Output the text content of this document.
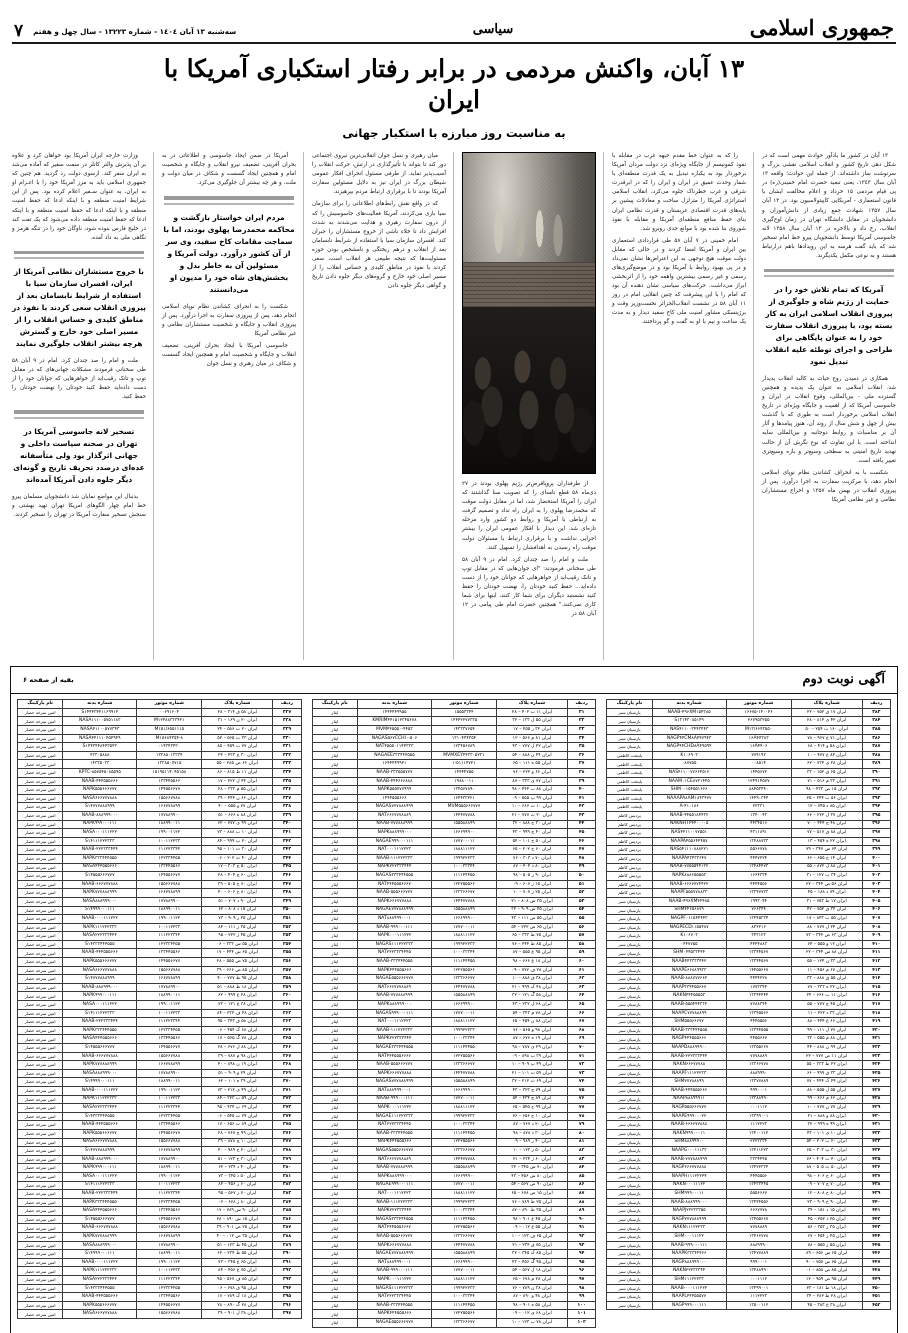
جمهوری اسلامی
سیاسی
سه‌شنبه ۱۳ آبان ۱٤۰٤ - شماره ۱۳۲۲۳ - سال چهل و هفتم
۷
۱۳ آبان، واکنش مردمی در برابر رفتار استکباری آمریکا با ایران
به مناسبت روز مبارزه با استکبار جهانی

۱۳ آبان در کشور ما یادآور حوادث مهمی است که در شکل دهی تاریخ کشور و انقلاب اسلامی نقشی بزرگ و سرنوشت ساز داشته‌اند. از جمله این حوادث؛ واقعه ۱۳ آبان سال ۱۳٤۳، یعنی تبعید حضرت امام خمینی(ره) در پی قیام مردمی ۱۵ خرداد و اعلام مخالفت ایشان با قانون استعماری - آمریکایی کاپیتولاسیون بود. در ۱۳ آبان سال ۱۳۵۷ شهادت جمع زیادی از دانش‌آموزان و دانشجویان در مقابل دانشگاه تهران در زمان اوج‌گیری انقلاب، رخ داد و بالاخره در ۱۳ آبان سال ۱۳۵۸ لانه جاسوسی آمریکا توسط دانشجویان پیرو خط امام تسخیر شد که باید گفت هرسه به این رویدادها باهم درارتباط هستند و به نوعی مکمل یکدیگرند.

آمریکا که تمام تلاش خود را در حمایت از رژیم شاه و جلوگیری از پیروزی انقلاب اسلامی ایران به کار بسته بود، با پیروزی انقلاب سفارت خود را به عنوان پایگاهی برای طراحی و اجرای توطئه علیه انقلاب تبدیل نمود

همکاری در دمیدن روح حیات به کالبد انقلاب پدیدار شد. انقلاب اسلامی به عنوان یک پدیده و همچنین گسترده ملی - بین‌المللی، وقوع انقلاب در ایران و جاسوسی آمریکا که از اهمیت و جایگاه ویژه‌ای در تاریخ انقلاب اسلامی برخوردار است به طوری که با گذشت بیش از چهل و شش سال از روند آن، هنوز پیامدها و آثار آن بر مناسبات و روابط دوجانبه و بین‌المللی سایه انداخته است. با این تفاوت که نوع نگرش آن از حالت تهدید تاریخ امنیتی به سطحی وسیع‌تر و بازه وسیع‌تری تغییر یافته است.

شکست با به انحراف کشاندن نظام نوپای اسلامی انجام دهد، با مرکزیت سفارت به اجرا درآورد. پس از پیروزی انقلاب در بهمن ماه ۱۳۵۷ و اخراج مستشاران نظامی و غیر نظامی آمریکا

را که به عنوان خط مقدم جبهه غرب در مقابله با نفوذ کمونیسم از جایگاه ویژه‌ای نزد دولت مردان آمریکا برخوردار بود به یکباره تبدیل به یک قدرت منطقه‌ای با شمار وحدت عمیق در ایران و ایران را که در ابرقدرت شرقی و غرب خطرناک جلوه می‌کرد، انقلاب اسلامی استراتژی آمریکا را متزلزل ساخت و معادلات پیشین بر پایه‌های قدرت اقتصادی عربستان و قدرت نظامی ایران بنای حفظ منافع منطقه‌ای آمریکا و مقابله با نفوذ شوروی بنا شده بود با موانع جدی روبرو شد.

امام خمینی در ۷ آبان ۵۸ طی قراردادی استعماری بین ایران و آمریکا امضا کردند و در حالی که مقابل دولت موقت هیچ توجهی به این اعتراض‌ها نشان نمی‌داد و در پی بهبود روابط با آمریکا بود و در موضع‌گیری‌های رسمی و غیر رسمی بیشترین واهمه خود را از اثربخشی ابراز می‌داشت. حرکت‌های سیاسی نشان دهنده آن بود که امام را با این پیشرفت که چنین انقلابی امام در روز ۱۱ آبان ۵۸ در نشست انقلاب‌الجزائر نخست‌وزیر وقت و برژینسکی مشاور امنیت ملی کاخ سفید دیدار و به مدت یک ساعت و نیم با او به گفت و گو پرداختند.

از طرفداران پروپاقرص‌تر رژیم پهلوی بودند در ۲۷ دی‌ماه ۵۸ قطع نامه‌ای را که تصویب سنا گذاشتند که ایران را آمریکا استحضار شد، اما در مقابل دولت موقت که محمدرضا پهلوی را به ایران راه نداد و تصمیم گرفت به ارتباطی با آمریکا و روابط دو کشور وارد مرحله تازه‌ای شد. این دیدار با افکار عمومی ایران را بیشتر اجرایی نداشت و با برقراری ارتباط با مسئولان دولت موقت راه رسیدن به اهدافشان را تسهیل کنند.

ملت و امام را صد چندان کرد. امام در ۹ آبان ۵۸ طی سخنانی فرمودند: "ای جوان‌هایی که در مقابل توپ و تانک رقیب‌اید از خواهرهایی که جوانان خود را از دست داده‌اید... حفظ کنید خودتان را، نهضت خودتان را حفظ کنید نشستید دیگران برای شما کار کنند، اینها برای شما کاری نمی‌کنند." همچنین حضرت امام طی پیامی در ۱۲ آبان ۵۸ در

میان رهبری و نسل جوان انقلابی‌ترین نیروی اجتماعی دور کند تا بتواند با تأثیرگذاری در ارتش، حرکت انقلاب را آسیب‌پذیر نماید. از طرفی مسئول انحراف افکار عمومی شیطان بزرگ در ایران نیز به دلایل مسئولین سفارت آمریکا بودند تا با برقراری ارتباط مردم بپرهیزند.

که در واقع نقش رابط‌های اطلاعاتی را برای سازمان سیا بازی می‌کردند، آمریکا فعالیت‌های جاسوسیش را که از درون سفارت رهبری و هدایت می‌شدند به شدت افزایش داد تا خلاء ناشی از خروج مستشاران را جبران کند. افسران سازمان سیا با استفاده از شرایط نابسامان بعد از انقلاب و درهم ریختگی و نامشخص بودن حوزه مسئولیت‌ها که نتیجه طبیعی هر انقلاب است، سعی کردند با نفوذ در مناطق کلیدی و حساس انقلاب را از مسیر اصلی خود خارج و گروه‌های دیگر جلوه دادن تاریخ و گواهی دیگر جلوه دادن

آمریکا در ضمن ایجاد جاسوسی و اطلاعاتی در به بحران آفرینی، تضعیف نیرو انقلاب و جایگاه و شخصیت امام و همچنین ایجاد گسست و شکاف در میان دولت و ملت، و هر چه بیشتر آن جلوگیری می‌کرد.

مردم ایران خواستار بازگشت و محاکمه محمدرضا پهلوی بودند، اما با سماجت مقامات کاخ سفید، وی سر از آن کشور درآورد. دولت آمریکا و مسئولین آن به خاطر بدل و بخشش‌های شاه خود را مدیون او می‌دانستند

شکست را به انحراف کشاندن نظام نوپای اسلامی انجام دهد، پس از پیروزی سفارت به اجرا درآورد. پس از پیروزی انقلاب و جایگاه و شخصیت مستشاران نظامی و غیر نظامی آمریکا

جاسوسی آمریکا با ایجاد بحران آفرینی، تضعیف انقلاب و جایگاه و شخصیت امام و همچنین ایجاد گسست و شکاف در میان رهبری و نسل جوان

وزارت خارجه ایران آمریکا بود خواهان کرد و علاوه بر آن پذیرش والتر کاتلر در سمت سفیر که آماده می‌شد به ایران سفر کند. ازسوی دولت رد گردید. هم چنین که جمهوری اسلامی باید به مرز آمریکا خود را با اعـزام او به ایران، به عنوان سـفیر اعلام کرده بود. پس از این شرایط امنیت منطقه و با اینکه ادعا که حفظ امنیت منطقه و با اینکه ادعا که حفظ امنیت منطقه و با اینکه ادعا که حفظ امنیت منطقه داده می‌شود که یک تفت کند در خلیج فارس بنوده شود، ناوگان خود را در تنگه هرمز و نگاهی ملی به داد آمده.

با خروج مستشاران نظامی آمریکا از ایران، افسران سازمان سیا با استفاده از شرایط نابسامان بعد از پیروزی انقلاب سعی کردند با نفوذ در مناطق کلیدی و حساس انقلاب را از مسیر اصلی خود خارج و گسترش هرچه بیشتر انقلاب جلوگیری نمایند

ملت و امام را صد چندان کرد. امام در ۹ آبان ۵۸ طی سخنانی فرمودند مشکلات جهانی‌های که در مقابل توپ و تانک رقیب‌اید از خواهرهایی که جوانان خود را از دست داده‌اید حفظ کنید خودتان را نهضت خودتان را حفظ کنید.

تسخیر لانه جاسوسی آمریکا در تهران در صحنه سیاست داخلی و جهانی اثرگذار بود ولی متأسفانه عده‌ای درصدد تحریف تاریخ و گونه‌ای دیگر جلوه دادن آمریکا آمده‌اند

بدنبال این مواضع نمایان شد دانشجویان مسلمان پیرو خط امام چهار الگوهای امریکا تهران تهید بهشتی و سنجش تسخیر سفارت آمریکا در تهران را تسخیر کردند.

آگهی نوبت دوم
بقیه از صفحه ۶
ردیف	شماره پلاک	شماره موتور	شماره بدنه	نام پارکینگ
۳۸۳	ایران ۱۷ ق ۷۵۲ – ۲۲	۱۶۶۷۵-۱۴۰۰۴۶	NAAB-۴۹۶XM۱۵۴۳۸۵	پارسیان سبز
۳۸۴	ایران ۴۲ ی ۸۱۴ – ۲۸	۲۶۷۹۵۳۲۵۵	S۱۳۱۴۳۰۸۵۱۴۹	پارسیان سبز
۳۸۵	ایران ۱۶۰ ب ۲۵۴ – ۵۰	M۱۳/۶۶۴۳۵۵۰	NAS۴۱۱۰۰۳۴۴۳۴۴۳	پارسیان سبز
۳۸۶	ایران ۷۱ ع ۹۶۷ – ۷۸	۱۶A۴۴۳۸۳	NAGP۴۴CM۸A۴۴۷۹۴۳	پارسیان سبز
۳۸۷	ایران ۵۸ و ۴۱۴ – ۶۸	۱۶A۴۴۰۶	NAGP۴۴CHD۸A۴۹۵۹۴	پارسیان سبز
۳۸۸	ایران ۸۲ ع ۴۷۷ – ۱۰	۲۷۴۱۹۳	K۱۰۶۹۰۳	پایتخت کاظمی
۳۸۹	ایران ۲۸ ی ۷۳۴ – ۶۲	۰۰۸۵۱۴	۰۸۷۷۵۵	پایتخت کاظمی
۳۹۰	ایران ۶۵ ق ۱۵۲ – ۳۳	۱۴۴۵۶۷۲	NAS۴۱۱۰۰۷۷۶۶۴۵۱۲	پایتخت کاظمی
۳۹۱	ایران ۳۳ م ۵۱۶ – ۷۱	۱۲۴۹۱۴۵۷۷	NAAM۰۱CE۸۷۲۱۴۴۵	پایتخت کاظمی
۳۹۲	ایران ۱۵ ص ۴۳۳ – ۹۸	۸۸۴۵۳۴۴۰	SHM۰۰۱۵۴۵۵۱۶۶۶	پایتخت کاظمی
۳۹۳	ایران ۵۶ ب ۲۴۴ – ۲۵	۱۴۴۹۰۳۴۴	NAAAPA۸AM۱۸۴۳۴۷۷	پایتخت کاظمی
۳۹۴	ایران ۸۵ د ۷۴۵ – ۱۲	۲۲۳۳۱	A-۴۱۰۱۸۶	پایتخت کاظمی
۳۹۵	ایران ۳۷ ل ۲۲۲ – ۶۶	۱۳۴۰۰۴۳	NAAB-۴۴۵۵۱۸۴۴۳۲	پردیس کاظم
۳۹۶	ایران ۴۸ ج ۴۴۴ – ۷۰	۴۴۳۴۵۱۶	NAKNHTP۴۴۰۰۰۰۵	پردیس کاظم
۳۹۷	ایران ۸۸ ق ۵۱۷ – ۷۷	۴۳۱۱۸۹۱	NAS۴۴۱۱۰۰۷۷۵۵۱	پردیس کاظم
۳۹۸	ایران ۲۲ ه ۴۵۴ – ۱۳	۱۳۴۸۸۷۳۳	NAAPA۴۵۵۶۴۴۴۵۷	پردیس کاظم
۳۹۹	ایران ۶۴ س ۳۴۷ – ۷۹	۵۵۶۶۷۷۸	NAS۵۴۱۱۱۰۸۸۸۲۲۱	پردیس کاظم
۴۰۰	ایران ۱۴ ج ۶۵۵ – ۶۶	۴۴۴۷۲۲۴	NAAPA۴۳۴۳۳۶۴۷	پردیس کاظم
۴۰۱	ایران ۸۸ ل ۸۷۲ – ۵۵	۱۳۴۸۴۴۷۳	NAAB-۷۷۵۵۵۴۴۱۳۲	پردیس کاظم
۴۰۲	ایران ۳۴ ب ۱۲۷ – ۳۱	۱۶۶۴۳۳۴	NAPK۸۸۸۶۵۵۵۵۳	پردیس کاظم
۴۰۳	ایران ۵۶ ص ۳۴۴ – ۲۲	۴۴۴۴۵۵۶	NAAB-۶۶۶۷۷۷۴۴۲۲	پردیس کاظم
۴۰۴	ایران ۷۴ د ۱۸۸ – ۴۵	۱۳۳۴۷۷۳۳	NAAPF۵۵۵۷۷۸۸۳۳	پردیس کاظم
۴۰۵	ایران ۱۷ ط ۷۵۳ – ۳۱	۱۹۹۳۰۴۴	NAAB-۴۹۶XM۴۴۴۸۵	پارسیان سبز
۴۰۶	ایران ۳۴ ق ۷۵۲ – ۴۲	۷۶۶۳۴۴	SHM۴۴۶۵۶۸۷۹	پارسیان سبز
۴۰۷	ایران ۵۵ ب ۸۴۳ – ۱۷	۱۳۴۴۵۳۳۴	NAGPF۰۱۱۵۴۴۴۴۳	پارسیان سبز
۴۰۸	ایران ۲۴ ل ۷۷۷ – ۸۸	۸۳۲۲۱۶	NAGPECD۱۱۵۵۴۸۷	پارسیان سبز
۴۰۹	ایران ۶۳ ص ۳۴۲ – ۷۳	۳۴۳۱۲۳	K۱۰۶۷۰۳	پارسیان سبز
۴۱۰	ایران ۱۲ و ۵۵۵ – ۶۴	۴۴۴۴۸۸۳	۰۴۴۷۷۵۵	پارسیان سبز
۴۱۱	ایران ۸۸ س ۳۴۴ – ۲۲	۱۳۳۴۴۵۶۷	SHM۰۴۴۵۳۳۴۴۴	پارسیان سبز
۴۱۲	ایران ۳۳ ن ۱۲۴ – ۵۵	۱۳۳۴۴۵۶۷	NAAB۴۴۳۳۳۳۴۴۲	پارسیان سبز
۴۱۳	ایران ۶۷ م ۴۵۶ – ۱۱	۱۴۴۵۵۶۶۷	NAAPE۶۶۸۸۹۹۳۳	پارسیان سبز
۴۱۴	ایران ۵۵ ق ۸۸۸ – ۳۳	۴۴۴۴۲۲۸	NAAB-۸۸۸۷۷۷۶۶۲	پارسیان سبز
۴۱۵	ایران ۲۲ ه ۳۳۳ – ۷۷	۱۷۷۳۳۴۴	NAAP۳۳۴۴۵۵۶۶۷	پارسیان سبز
۴۱۶	ایران ۱۱ ب ۶۶۶ – ۲۴	۱۳۳۴۴۴۴۴	NAKN۴۴۴۵۵۵۵۳	پارسیان سبز
۴۱۷	ایران ۴۵ ج ۷۷۷ – ۵۵	۷۷۸۸۳۴۴	NAAB-۵۵۵۴۴۴۳۳۲	پارسیان سبز
۴۱۸	ایران ۳۳ د ۲۲۲ – ۱۱	۱۳۳۴۵۵۶۶	NAAPC۷۷۷۸۸۸۹۹	پارسیان سبز
۴۱۹	ایران ۶۶ ع ۴۴۴ – ۸۸	۴۴۴۵۵۵۶	SHM۵۵۵۶۶۶۷۷	پارسیان سبز
۴۲۰	ایران ۷۷ ل ۱۱۱ – ۹۹	۱۳۳۴۴۵۵۵	NAAB-۳۳۳۴۴۴۵۵۵	پارسیان سبز
۴۲۱	ایران ۸۸ م ۵۵۵ – ۳۳	۴۴۵۵۶۶۷	NAGP۴۴۴۵۵۵۶۶۶	پارسیان سبز
۴۲۲	ایران ۹۹ ن ۸۸۸ – ۴۴	۱۳۳۵۵۶۶۷	NAAPD۸۸۸۹۹۹۰۰	پارسیان سبز
۴۲۳	ایران ۱۱ ص ۷۷۷ – ۲۲	۷۷۷۸۸۸۹	NAAB-۲۲۲۳۳۳۴۴۴	پارسیان سبز
۴۲۴	ایران ۲۲ ط ۳۳۳ – ۵۵	۱۳۳۶۶۷۷۸	NAKN۶۶۶۷۷۷۸۸	پارسیان سبز
۴۲۵	ایران ۳۳ ق ۹۹۹ – ۶۶	۸۸۸۹۹۹۰	NAAPF۱۱۱۲۲۲۳۳	پارسیان سبز
۴۲۶	ایران ۴۴ ک ۴۴۴ – ۷۷	۱۳۳۷۷۸۸۹	SHM۷۷۷۸۸۸۹۹	پارسیان سبز
۴۲۷	ایران ۵۵ ل ۵۵۵ – ۸۸	۹۹۹۰۰۰۱	NAAB-۴۴۴۵۵۵۶۶۶	پارسیان سبز
۴۲۸	ایران ۶۶ م ۶۶۶ – ۹۹	۱۳۳۸۸۹۹۰	NAAP۸۸۸۹۹۹۱۱	پارسیان سبز
۴۲۹	ایران ۷۷ ن ۷۷۷ – ۱۰	۰۰۰۱۱۱۲	NAGP۵۵۵۶۶۶۷۷۷	پارسیان سبز
۴۳۰	ایران ۸۸ و ۸۸۸ – ۲۱	۱۳۳۹۹۰۰۱	NAAPE۹۹۹۰۰۰۲۲	پارسیان سبز
۴۳۱	ایران ۹۹ ه ۹۹۹ – ۳۲	۱۱۱۲۲۲۳	NAAB-۶۶۶۷۷۷۸۸۸	پارسیان سبز
۴۳۲	ایران ۱۰ ی ۱۰۱ – ۴۳	۱۳۴۰۰۱۱۲	NAKN۹۹۹۰۰۰۱۱	پارسیان سبز
۴۳۳	ایران ۲۰ ب ۲۰۲ – ۵۴	۲۲۲۳۳۳۴	SHM۸۸۸۹۹۹۰۰	پارسیان سبز
۴۳۴	ایران ۳۰ پ ۳۰۳ – ۶۵	۱۳۴۱۱۲۲۳	NAAPG۰۰۰۱۱۱۳۳	پارسیان سبز
۴۳۵	ایران ۴۰ ت ۴۰۴ – ۷۶	۳۳۳۴۴۴۵	NAAB-۷۷۷۸۸۸۹۹۹	پارسیان سبز
۴۳۶	ایران ۵۰ ث ۵۰۵ – ۸۷	۱۳۴۲۲۳۳۴	NAGP۶۶۶۷۷۷۸۸۸	پارسیان سبز
۴۳۷	ایران ۶۰ ج ۶۰۶ – ۹۸	۴۴۴۵۵۵۶	NAAPH۱۱۱۲۲۲۴۴	پارسیان سبز
۴۳۸	ایران ۷۰ چ ۷۰۷ – ۰۹	۱۳۴۳۳۴۴۵	NAKN۰۰۰۱۱۱۲۲	پارسیان سبز
۴۳۹	ایران ۸۰ ح ۸۰۸ – ۱۲	۵۵۵۶۶۶۷	SHM۹۹۹۰۰۰۱۱	پارسیان سبز
۴۴۰	ایران ۹۰ خ ۹۰۹ – ۲۳	۱۳۴۴۴۵۵۶	NAAB-۸۸۸۹۹۹۰۰۰	پارسیان سبز
۴۴۱	ایران ۱۵ د ۱۵۱ – ۳۴	۶۶۶۷۷۷۸	NAAPJ۲۲۲۳۳۳۵۵	پارسیان سبز
۴۴۲	ایران ۲۵ ذ ۲۵۲ – ۴۵	۱۳۴۵۵۶۶۷	NAGP۷۷۷۸۸۸۹۹۹	پارسیان سبز
۴۴۳	ایران ۳۵ ر ۳۵۳ – ۵۶	۷۷۷۸۸۸۹	NAKN۱۱۱۲۲۲۳۳	پارسیان سبز
۴۴۴	ایران ۴۵ ز ۴۵۴ – ۶۷	۱۳۴۶۶۷۷۸	SHM۰۰۰۱۱۱۲۲	پارسیان سبز
۴۴۵	ایران ۵۵ ژ ۵۵۵ – ۷۸	۸۸۸۹۹۹۰	NAAB-۹۹۹۰۰۰۱۱۱	پارسیان سبز
۴۴۶	ایران ۶۵ س ۶۵۶ – ۸۹	۱۳۴۷۷۸۸۹	NAAPK۳۳۳۴۴۴۶۶	پارسیان سبز
۴۴۷	ایران ۷۵ ش ۷۵۷ – ۹۰	۹۹۹۰۰۰۱	NAGP۸۸۸۹۹۹۰۰۰	پارسیان سبز
۴۴۸	ایران ۸۵ ص ۸۵۸ – ۰۱	۱۳۴۸۸۹۹۰	NAKN۲۲۲۳۳۳۴۴	پارسیان سبز
۴۴۹	ایران ۹۵ ض ۹۵۹ – ۱۲	۰۰۰۱۱۱۲	SHM۱۱۱۲۲۲۳۳	پارسیان سبز
۴۵۰	ایران ۱۸ ط ۱۸۱ – ۲۳	۱۳۴۹۹۰۰۱	NAAB-۰۰۰۱۱۱۲۲۲	پارسیان سبز
۴۵۱	ایران ۲۸ ظ ۲۸۲ – ۳۴	۱۱۱۲۲۲۳	NAAPL۴۴۴۵۵۵۷۷	پارسیان سبز
۴۵۲	ایران ۳۸ ع ۳۸۳ – ۴۵	۱۳۵۰۰۱۱۲	NAGP۹۹۹۰۰۰۱۱۱	پارسیان سبز
ردیف	شماره پلاک	شماره موتور	شماره بدنه	نام پارکینگ
۳۱	ایران ۱۱ ب ۴۰۲ – ۲۸	۱۵۵۵۳۳۴۴	۱۴۴۴۴۴۹۹۵۵	ایثار
۳۲	ایران ۵۵ ل ۱۳۳ – ۳۲	۱۴۴۴۲۲۷۷۳۳۵	KMRIM۴۴۱۵۱۲۳۴۵۶۷۸	ایثار
۳۳	ایران ۳۲ ر ۴۵۵ – ۱۷	۱۴۳۳۳۷۶۵۴	MVM۴۴۵۵۵۰-۴۴۵۳	ایثار
۳۴	ایران ۸۱ م ۵۶۶ – ۱۲	۱۳۱۰۴۴۴۳۵۴	NAGAS۵۶۷CCHI۰-۵۰۶	ایثار
۳۵	ایران ۲۲ ل ۷۷۷ – ۴۳	۱۲۳۴۵۶۷۸۹	NAT۴۵۵۵۰۱۱۴۴۳۳۳	ایثار
۳۶	ایران ۴۴ ن ۸۸۸ – ۵۴	MVMXEY۴۴۳۳۰۵۲۳۱	NAGAEE۳۳۳۴۴۴۵۵۵	ایثار
۳۷	ایران ۵۵ ه ۱۱۱ – ۶۵	۱-۵۱۱۱۴۷۲۱	۱۶۴۴۴۴۹۹۲۱	ایثار
۳۸	ایران ۶۶ و ۲۲۲ – ۷۶	۱۴۴۴۴۷۵۵	NAAB-۳۳۳۵۵۵۷۷۷	ایثار
۳۹	ایران ۷۷ ی ۳۳۳ – ۸۷	۱۹۸۸۰۰۱۱	NAAB-۴۴۴۶۶۶۸۸۸	ایثار
۴۰	ایران ۸۸ ب ۴۴۴ – ۹۸	۱۳۴۵۶۷۸۹۰	NAPK۵۵۵۷۷۷۹۹۹	ایثار
۴۱	ایران ۹۹ پ ۵۵۵ – ۰۹	۱۶۴۴۳۳۲۲۱	۱۴۴۴۵۵۵۶۶۶	ایثار
۴۲	ایران ۱۰ ت ۶۶۶ – ۱۰	MVM۵۵۵۶۶۶۷۷۷	NAGAS۷۷۷۸۸۸۹۹۹	ایثار
۴۳	ایران ۲۰ ث ۷۷۷ – ۲۱	۱۴۴۴۷۷۷۸۸	NAT۶۶۶۷۷۷۸۸۸۹	ایثار
۴۴	ایران ۳۰ ج ۸۸۸ – ۳۲	۱۵۵۵۸۸۸۹۹	NAAB-۷۷۷۸۸۸۹۹۹	ایثار
۴۵	ایران ۴۰ چ ۹۹۹ – ۴۳	۱۶۶۶۹۹۹۰۰	NAPK۸۸۸۹۹۹۰۰۰	ایثار
۴۶	ایران ۵۰ ح ۱۰۱ – ۵۴	۱۷۷۷۰۰۰۱۱	NAGAE۹۹۹۰۰۰۱۱۱	ایثار
۴۷	ایران ۶۰ خ ۲۰۲ – ۶۵	۱۸۸۸۱۱۱۲۲	NAT۰۰۰۱۱۱۲۲۲۳	ایثار
۴۸	ایران ۷۰ د ۳۰۳ – ۷۶	۱۹۹۹۲۲۲۳۳	NAAB-۱۱۱۲۲۲۳۳۳	ایثار
۴۹	ایران ۸۰ ذ ۴۰۴ – ۸۷	۱۰۰۰۳۳۳۴۴	NAPK۲۲۲۳۳۳۴۴۴	ایثار
۵۰	ایران ۹۰ ر ۵۰۵ – ۹۸	۱۱۱۱۴۴۴۵۵	NAGAS۳۳۳۴۴۴۵۵۵	ایثار
۵۱	ایران ۱۵ ز ۶۰۶ – ۰۹	۱۲۲۲۵۵۵۶۶	NAT۴۴۴۵۵۵۶۶۶۷	ایثار
۵۲	ایران ۲۵ ژ ۷۰۷ – ۱۰	۱۳۳۳۶۶۶۷۷	NAAB-۵۵۵۶۶۶۷۷۷	ایثار
۵۳	ایران ۳۵ س ۸۰۸ – ۲۱	۱۴۴۴۷۷۷۸۸	NAPK۶۶۶۷۷۷۸۸۸	ایثار
۵۴	ایران ۴۵ ش ۹۰۹ – ۳۲	۱۵۵۵۸۸۸۹۹	NAGAE۷۷۷۸۸۸۹۹۹	ایثار
۵۵	ایران ۵۵ ص ۱۱۱ – ۴۳	۱۶۶۶۹۹۹۰۰	NAT۸۸۸۹۹۹۰۰۰۱	ایثار
۵۶	ایران ۶۵ ض ۲۲۲ – ۵۴	۱۷۷۷۰۰۰۱۱	NAAB-۹۹۹۰۰۰۱۱۱	ایثار
۵۷	ایران ۷۵ ط ۳۳۳ – ۶۵	۱۸۸۸۱۱۱۲۲	NAPK۰۰۰۱۱۱۲۲۲	ایثار
۵۸	ایران ۸۵ ظ ۴۴۴ – ۷۶	۱۹۹۹۲۲۲۳۳	NAGAS۱۱۱۲۲۲۳۳۳	ایثار
۵۹	ایران ۹۵ ع ۵۵۵ – ۸۷	۱۰۰۰۳۳۳۴۴	NAT۲۲۲۳۳۳۴۴۴۵	ایثار
۶۰	ایران ۱۸ غ ۶۶۶ – ۹۸	۱۱۱۱۴۴۴۵۵	NAAB-۳۳۳۴۴۴۵۵۵	ایثار
۶۱	ایران ۲۸ ف ۷۷۷ – ۰۹	۱۲۲۲۵۵۵۶۶	NAPK۴۴۴۵۵۵۶۶۶	ایثار
۶۲	ایران ۳۸ ق ۸۸۸ – ۱۰	۱۳۳۳۶۶۶۷۷	NAGAE۵۵۵۶۶۶۷۷۷	ایثار
۶۳	ایران ۴۸ ک ۹۹۹ – ۲۱	۱۴۴۴۷۷۷۸۸	NAT۶۶۶۷۷۷۸۸۸۹	ایثار
۶۴	ایران ۵۸ گ ۱۲۱ – ۳۲	۱۵۵۵۸۸۸۹۹	NAAB-۷۷۷۸۸۸۹۹۹	ایثار
۶۵	ایران ۶۸ ل ۲۳۲ – ۴۳	۱۶۶۶۹۹۹۰۰	NAPK۸۸۸۹۹۹۰۰۰	ایثار
۶۶	ایران ۷۸ م ۳۴۳ – ۵۴	۱۷۷۷۰۰۰۱۱	NAGAS۹۹۹۰۰۰۱۱۱	ایثار
۶۷	ایران ۸۸ ن ۴۵۴ – ۶۵	۱۸۸۸۱۱۱۲۲	NAT۰۰۰۱۱۱۲۲۲۳	ایثار
۶۸	ایران ۹۸ و ۵۶۵ – ۷۶	۱۹۹۹۲۲۲۳۳	NAAB-۱۱۱۲۲۲۳۳۳	ایثار
۶۹	ایران ۱۹ ه ۶۷۶ – ۸۷	۱۰۰۰۳۳۳۴۴	NAPK۲۲۲۳۳۳۴۴۴	ایثار
۷۰	ایران ۲۹ ی ۷۸۷ – ۹۸	۱۱۱۱۴۴۴۵۵	NAGAE۳۳۳۴۴۴۵۵۵	ایثار
۷۱	ایران ۳۹ ب ۸۹۸ – ۰۹	۱۲۲۲۵۵۵۶۶	NAT۴۴۴۵۵۵۶۶۶۷	ایثار
۷۲	ایران ۴۹ پ ۹۰۹ – ۱۰	۱۳۳۳۶۶۶۷۷	NAAB-۵۵۵۶۶۶۷۷۷	ایثار
۷۳	ایران ۵۹ ت ۱۰۱ – ۲۱	۱۴۴۴۷۷۷۸۸	NAPK۶۶۶۷۷۷۸۸۸	ایثار
۷۴	ایران ۶۹ ث ۲۱۲ – ۳۲	۱۵۵۵۸۸۸۹۹	NAGAS۷۷۷۸۸۸۹۹۹	ایثار
۷۵	ایران ۷۹ ج ۳۲۳ – ۴۳	۱۶۶۶۹۹۹۰۰	NAT۸۸۸۹۹۹۰۰۰۱	ایثار
۷۶	ایران ۸۹ چ ۴۳۴ – ۵۴	۱۷۷۷۰۰۰۱۱	NAAB-۹۹۹۰۰۰۱۱۱	ایثار
۷۷	ایران ۹۹ ح ۵۴۵ – ۶۵	۱۸۸۸۱۱۱۲۲	NAPK۰۰۰۱۱۱۲۲۲	ایثار
۷۸	ایران ۱۰ خ ۶۵۶ – ۷۶	۱۹۹۹۲۲۲۳۳	NAGAE۱۱۱۲۲۲۳۳۳	ایثار
۷۹	ایران ۲۰ د ۷۶۷ – ۸۷	۱۰۰۰۳۳۳۴۴	NAT۲۲۲۳۳۳۴۴۴۵	ایثار
۸۰	ایران ۳۰ ذ ۸۷۸ – ۹۸	۱۱۱۱۴۴۴۵۵	NAAB-۳۳۳۴۴۴۵۵۵	ایثار
۸۱	ایران ۴۰ ر ۹۸۹ – ۰۹	۱۲۲۲۵۵۵۶۶	NAPK۴۴۴۵۵۵۶۶۶	ایثار
۸۲	ایران ۵۰ ز ۱۲۳ – ۱۰	۱۳۳۳۶۶۶۷۷	NAGAS۵۵۵۶۶۶۷۷۷	ایثار
۸۳	ایران ۶۰ ژ ۲۳۴ – ۲۱	۱۴۴۴۷۷۷۸۸	NAT۶۶۶۷۷۷۸۸۸۹	ایثار
۸۴	ایران ۷۰ س ۳۴۵ – ۳۲	۱۵۵۵۸۸۸۹۹	NAAB-۷۷۷۸۸۸۹۹۹	ایثار
۸۵	ایران ۸۰ ش ۴۵۶ – ۴۳	۱۶۶۶۹۹۹۰۰	NAPK۸۸۸۹۹۹۰۰۰	ایثار
۸۶	ایران ۹۰ ص ۵۶۷ – ۵۴	۱۷۷۷۰۰۰۱۱	NAGAE۹۹۹۰۰۰۱۱۱	ایثار
۸۷	ایران ۱۵ ض ۶۷۸ – ۶۵	۱۸۸۸۱۱۱۲۲	NAT۰۰۰۱۱۱۲۲۲۳	ایثار
۸۸	ایران ۲۵ ط ۷۸۹ – ۷۶	۱۹۹۹۲۲۲۳۳	NAAB-۱۱۱۲۲۲۳۳۳	ایثار
۸۹	ایران ۳۵ ظ ۸۹۰ – ۸۷	۱۰۰۰۳۳۳۴۴	NAPK۲۲۲۳۳۳۴۴۴	ایثار
۹۰	ایران ۴۵ ع ۹۰۱ – ۹۸	۱۱۱۱۴۴۴۵۵	NAGAS۳۳۳۴۴۴۵۵۵	ایثار
۹۱	ایران ۵۵ غ ۰۱۲ – ۰۹	۱۲۲۲۵۵۵۶۶	NAT۴۴۴۵۵۵۶۶۶۷	ایثار
۹۲	ایران ۶۵ ف ۱۲۳ – ۱۰	۱۳۳۳۶۶۶۷۷	NAAB-۵۵۵۶۶۶۷۷۷	ایثار
۹۳	ایران ۷۵ ق ۲۳۴ – ۲۱	۱۴۴۴۷۷۷۸۸	NAPK۶۶۶۷۷۷۸۸۸	ایثار
۹۴	ایران ۸۵ ک ۳۴۵ – ۳۲	۱۵۵۵۸۸۸۹۹	NAGAE۷۷۷۸۸۸۹۹۹	ایثار
۹۵	ایران ۹۵ گ ۴۵۶ – ۴۳	۱۶۶۶۹۹۹۰۰	NAT۸۸۸۹۹۹۰۰۰۱	ایثار
۹۶	ایران ۱۸ ل ۵۶۷ – ۵۴	۱۷۷۷۰۰۰۱۱	NAAB-۹۹۹۰۰۰۱۱۱	ایثار
۹۷	ایران ۲۸ م ۶۷۸ – ۶۵	۱۸۸۸۱۱۱۲۲	NAPK۰۰۰۱۱۱۲۲۲	ایثار
۹۸	ایران ۳۸ ن ۷۸۹ – ۷۶	۱۹۹۹۲۲۲۳۳	NAGAS۱۱۱۲۲۲۳۳۳	ایثار
۹۹	ایران ۴۸ و ۸۹۰ – ۸۷	۱۰۰۰۳۳۳۴۴	NAT۲۲۲۳۳۳۴۴۴۵	ایثار
۱۰۰	ایران ۵۸ ه ۹۰۱ – ۹۸	۱۱۱۱۴۴۴۵۵	NAAB-۳۳۳۴۴۴۵۵۵	ایثار
۱۰۱	ایران ۶۸ ی ۰۱۲ – ۰۹	۱۲۲۲۵۵۵۶۶	NAPK۴۴۴۵۵۵۶۶۶	ایثار
۱۰۲	ایران ۷۸ ب ۱۲۳ – ۱۰	۱۳۳۳۶۶۶۷۷	NAGAE۵۵۵۶۶۶۷۷۷	ایثار
ردیف	شماره پلاک	شماره موتور	شماره بدنه	نام پارکینگ
۳۲۷	ایران ۵۸ ق ۳۱۴ – ۲۸	۰۰۶۹۱۶۰۴	S۱۴۴۴۳۴۴۱۱۶۹۹۱۴	امین سرخه حصار
۳۲۸	ایران ۲۰ ن ۱۶۹ – ۳۱	M۱۲۴۸۸۳۳۳۴۲۱	NASA۱۱۱۰۰۵۷۵۱۱۸۳	امین سرخه حصار
۳۲۹	ایران ۲۰ ب ۵۸۶ – ۲۴	M۱۵۱/۶۵۵۱۱۱۵	NASA۴۱۱۰۰۵۷۷۳۴۳	امین سرخه حصار
۳۳۰	ایران ۳۳ ب ۵۶۵ – ۵۲	M۱۵۶۸۴۳۵۴-۸	NASA۴۴۱۱۱۰۴۵۴۹۴۹	امین سرخه حصار
۳۳۱	ایران ۷۷ ب ۴۵۹ – ۸۵	۰۱۴۳۴۳۴۳۰	S۱۴۴۳۴۴۸۴۴۳۵۴۳	امین سرخه حصار
۳۳۲	ایران ۳۰ ج ۴۳۳ – ۲۴	۱۳۳۸۵۰۱۳۳۳۴	۴۳۳۰۵۸۸۸	امین سرخه حصار
۳۳۳	ایران ۶۶ ض ۲۸۵ – ۵۵	۱۳۳۸۵۰۷۷۱۵	۱۴۳۳۵۰۳۳	امین سرخه حصار
۳۳۴	ایران ۱۱ ط ۸۱۵ – ۸۶	۱۵۱۹۵۱۱۴۰۴۵۱۵۸	KPTC-۸۵۷۵۴۵۰۸۵۵۹۵	امین سرخه حصار
۳۳۵	ایران ۴۴ ل ۲۲۲ – ۱۷	۱۳۳۴۴۵۵۶۶	NAAB-۴۴۴۵۵۵۶۶۶	امین سرخه حصار
۳۳۶	ایران ۵۵ م ۳۳۳ – ۲۸	۱۴۴۵۵۶۶۷۷	NAPK۵۵۵۶۶۶۷۷۷	امین سرخه حصار
۳۳۷	ایران ۶۶ ن ۴۴۴ – ۳۹	۱۵۵۶۶۷۷۸۸	NASA۶۶۶۷۷۷۸۸۸	امین سرخه حصار
۳۳۸	ایران ۷۷ و ۵۵۵ – ۴۰	۱۶۶۷۷۸۸۹۹	S۱۴۷۷۷۸۸۸۹۹۹	امین سرخه حصار
۳۳۹	ایران ۸۸ ه ۶۶۶ – ۵۱	۱۷۷۸۸۹۹۰۰	NAAB-۸۸۸۹۹۹۰۰۰	امین سرخه حصار
۳۴۰	ایران ۹۹ ی ۷۷۷ – ۶۲	۱۸۸۹۹۰۰۱۱	NAPK۹۹۹۰۰۰۱۱۱	امین سرخه حصار
۳۴۱	ایران ۱۰ ب ۸۸۸ – ۷۳	۱۹۹۰۰۱۱۲۲	NASA۰۰۰۱۱۱۲۲۲	امین سرخه حصار
۳۴۲	ایران ۲۰ پ ۹۹۹ – ۸۴	۱۰۰۱۱۲۲۳۳	S۱۴۱۱۱۲۲۲۳۳۳	امین سرخه حصار
۳۴۳	ایران ۳۰ ت ۱۰۱ – ۹۵	۱۱۱۲۲۳۳۴۴	NAAB-۲۲۲۳۳۳۴۴۴	امین سرخه حصار
۳۴۴	ایران ۴۰ ث ۲۰۲ – ۰۶	۱۲۲۳۳۴۴۵۵	NAPK۳۳۳۴۴۴۵۵۵	امین سرخه حصار
۳۴۵	ایران ۵۰ ج ۳۰۳ – ۱۷	۱۳۳۴۴۵۵۶۶	NASA۴۴۴۵۵۵۶۶۶	امین سرخه حصار
۳۴۶	ایران ۶۰ چ ۴۰۴ – ۲۸	۱۴۴۵۵۶۶۷۷	S۱۴۵۵۵۶۶۶۷۷۷	امین سرخه حصار
۳۴۷	ایران ۷۰ ح ۵۰۵ – ۳۹	۱۵۵۶۶۷۷۸۸	NAAB-۶۶۶۷۷۷۸۸۸	امین سرخه حصار
۳۴۸	ایران ۸۰ خ ۶۰۶ – ۴۰	۱۶۶۷۷۸۸۹۹	NAPK۷۷۷۸۸۸۹۹۹	امین سرخه حصار
۳۴۹	ایران ۹۰ د ۷۰۷ – ۵۱	۱۷۷۸۸۹۹۰۰	NASA۸۸۸۹۹۹۰۰۰	امین سرخه حصار
۳۵۰	ایران ۱۵ ذ ۸۰۸ – ۶۲	۱۸۸۹۹۰۰۱۱	S۱۴۹۹۹۰۰۰۱۱۱	امین سرخه حصار
۳۵۱	ایران ۲۵ ر ۹۰۹ – ۷۳	۱۹۹۰۰۱۱۲۲	NAAB-۰۰۰۱۱۱۲۲۲	امین سرخه حصار
۳۵۲	ایران ۳۵ ز ۱۱۱ – ۸۴	۱۰۰۱۱۲۲۳۳	NAPK۱۱۱۲۲۲۳۳۳	امین سرخه حصار
۳۵۳	ایران ۴۵ ژ ۲۲۲ – ۹۵	۱۱۱۲۲۳۳۴۴	NASA۲۲۲۳۳۳۴۴۴	امین سرخه حصار
۳۵۴	ایران ۵۵ س ۳۳۳ – ۰۶	۱۲۲۳۳۴۴۵۵	S۱۴۳۳۳۴۴۴۵۵۵	امین سرخه حصار
۳۵۵	ایران ۶۵ ش ۴۴۴ – ۱۷	۱۳۳۴۴۵۵۶۶	NAAB-۴۴۴۵۵۵۶۶۶	امین سرخه حصار
۳۵۶	ایران ۷۵ ص ۵۵۵ – ۲۸	۱۴۴۵۵۶۶۷۷	NAPK۵۵۵۶۶۶۷۷۷	امین سرخه حصار
۳۵۷	ایران ۸۵ ض ۶۶۶ – ۳۹	۱۵۵۶۶۷۷۸۸	NASA۶۶۶۷۷۷۸۸۸	امین سرخه حصار
۳۵۸	ایران ۹۵ ط ۷۷۷ – ۴۰	۱۶۶۷۷۸۸۹۹	S۱۴۷۷۷۸۸۸۹۹۹	امین سرخه حصار
۳۵۹	ایران ۱۸ ظ ۸۸۸ – ۵۱	۱۷۷۸۸۹۹۰۰	NAAB-۸۸۸۹۹۹۰۰۰	امین سرخه حصار
۳۶۰	ایران ۲۸ ع ۹۹۹ – ۶۲	۱۸۸۹۹۰۰۱۱	NAPK۹۹۹۰۰۰۱۱۱	امین سرخه حصار
۳۶۱	ایران ۳۸ غ ۱۲۱ – ۷۳	۱۹۹۰۰۱۱۲۲	NASA۰۰۰۱۱۱۲۲۲	امین سرخه حصار
۳۶۲	ایران ۴۸ ف ۲۳۲ – ۸۴	۱۰۰۱۱۲۲۳۳	S۱۴۱۱۱۲۲۲۳۳۳	امین سرخه حصار
۳۶۳	ایران ۵۸ ق ۳۴۳ – ۹۵	۱۱۱۲۲۳۳۴۴	NAAB-۲۲۲۳۳۳۴۴۴	امین سرخه حصار
۳۶۴	ایران ۶۸ ک ۴۵۴ – ۰۶	۱۲۲۳۳۴۴۵۵	NAPK۳۳۳۴۴۴۵۵۵	امین سرخه حصار
۳۶۵	ایران ۷۸ گ ۵۶۵ – ۱۷	۱۳۳۴۴۵۵۶۶	NASA۴۴۴۵۵۵۶۶۶	امین سرخه حصار
۳۶۶	ایران ۸۸ ل ۶۷۶ – ۲۸	۱۴۴۵۵۶۶۷۷	S۱۴۵۵۵۶۶۶۷۷۷	امین سرخه حصار
۳۶۷	ایران ۹۸ م ۷۸۷ – ۳۹	۱۵۵۶۶۷۷۸۸	NAAB-۶۶۶۷۷۷۸۸۸	امین سرخه حصار
۳۶۸	ایران ۱۹ ن ۸۹۸ – ۴۰	۱۶۶۷۷۸۸۹۹	NAPK۷۷۷۸۸۸۹۹۹	امین سرخه حصار
۳۶۹	ایران ۲۹ و ۹۰۹ – ۵۱	۱۷۷۸۸۹۹۰۰	NASA۸۸۸۹۹۹۰۰۰	امین سرخه حصار
۳۷۰	ایران ۳۹ ه ۱۰۱ – ۶۲	۱۸۸۹۹۰۰۱۱	S۱۴۹۹۹۰۰۰۱۱۱	امین سرخه حصار
۳۷۱	ایران ۴۹ ی ۲۱۲ – ۷۳	۱۹۹۰۰۱۱۲۲	NAAB-۰۰۰۱۱۱۲۲۲	امین سرخه حصار
۳۷۲	ایران ۵۹ ب ۳۲۳ – ۸۴	۱۰۰۱۱۲۲۳۳	NAPK۱۱۱۲۲۲۳۳۳	امین سرخه حصار
۳۷۳	ایران ۶۹ پ ۴۳۴ – ۹۵	۱۱۱۲۲۳۳۴۴	NASA۲۲۲۳۳۳۴۴۴	امین سرخه حصار
۳۷۴	ایران ۷۹ ت ۵۴۵ – ۰۶	۱۲۲۳۳۴۴۵۵	S۱۴۳۳۳۴۴۴۵۵۵	امین سرخه حصار
۳۷۵	ایران ۸۹ ث ۶۵۶ – ۱۷	۱۳۳۴۴۵۵۶۶	NAAB-۴۴۴۵۵۵۶۶۶	امین سرخه حصار
۳۷۶	ایران ۹۹ ج ۷۶۷ – ۲۸	۱۴۴۵۵۶۶۷۷	NAPK۵۵۵۶۶۶۷۷۷	امین سرخه حصار
۳۷۷	ایران ۱۰ چ ۸۷۸ – ۳۹	۱۵۵۶۶۷۷۸۸	NASA۶۶۶۷۷۷۸۸۸	امین سرخه حصار
۳۷۸	ایران ۲۰ ح ۹۸۹ – ۴۰	۱۶۶۷۷۸۸۹۹	S۱۴۷۷۷۸۸۸۹۹۹	امین سرخه حصار
۳۷۹	ایران ۳۰ خ ۱۲۳ – ۵۱	۱۷۷۸۸۹۹۰۰	NAAB-۸۸۸۹۹۹۰۰۰	امین سرخه حصار
۳۸۰	ایران ۴۰ د ۲۳۴ – ۶۲	۱۸۸۹۹۰۰۱۱	NAPK۹۹۹۰۰۰۱۱۱	امین سرخه حصار
۳۸۱	ایران ۵۰ ذ ۳۴۵ – ۷۳	۱۹۹۰۰۱۱۲۲	NASA۰۰۰۱۱۱۲۲۲	امین سرخه حصار
۳۸۲	ایران ۶۰ ر ۴۵۶ – ۸۴	۱۰۰۱۱۲۲۳۳	S۱۴۱۱۱۲۲۲۳۳۳	امین سرخه حصار
۳۸۳	ایران ۷۰ ز ۵۶۷ – ۹۵	۱۱۱۲۲۳۳۴۴	NAAB-۲۲۲۳۳۳۴۴۴	امین سرخه حصار
۳۸۴	ایران ۸۰ ژ ۶۷۸ – ۰۶	۱۲۲۳۳۴۴۵۵	NAPK۳۳۳۴۴۴۵۵۵	امین سرخه حصار
۳۸۵	ایران ۹۰ س ۷۸۹ – ۱۷	۱۳۳۴۴۵۵۶۶	NASA۴۴۴۵۵۵۶۶۶	امین سرخه حصار
۳۸۶	ایران ۱۵ ش ۸۹۰ – ۲۸	۱۴۴۵۵۶۶۷۷	S۱۴۵۵۵۶۶۶۷۷۷	امین سرخه حصار
۳۸۷	ایران ۲۵ ص ۹۰۱ – ۳۹	۱۵۵۶۶۷۷۸۸	NAAB-۶۶۶۷۷۷۸۸۸	امین سرخه حصار
۳۸۸	ایران ۳۵ ض ۰۱۲ – ۴۰	۱۶۶۷۷۸۸۹۹	NAPK۷۷۷۸۸۸۹۹۹	امین سرخه حصار
۳۸۹	ایران ۴۵ ط ۱۲۳ – ۵۱	۱۷۷۸۸۹۹۰۰	NASA۸۸۸۹۹۹۰۰۰	امین سرخه حصار
۳۹۰	ایران ۵۵ ظ ۲۳۴ – ۶۲	۱۸۸۹۹۰۰۱۱	S۱۴۹۹۹۰۰۰۱۱۱	امین سرخه حصار
۳۹۱	ایران ۶۵ ع ۳۴۵ – ۷۳	۱۹۹۰۰۱۱۲۲	NAAB-۰۰۰۱۱۱۲۲۲	امین سرخه حصار
۳۹۲	ایران ۷۵ غ ۴۵۶ – ۸۴	۱۰۰۱۱۲۲۳۳	NAPK۱۱۱۲۲۲۳۳۳	امین سرخه حصار
۳۹۳	ایران ۸۵ ف ۵۶۷ – ۹۵	۱۱۱۲۲۳۳۴۴	NASA۲۲۲۳۳۳۴۴۴	امین سرخه حصار
۳۹۴	ایران ۹۵ ق ۶۷۸ – ۰۶	۱۲۲۳۳۴۴۵۵	S۱۴۳۳۳۴۴۴۵۵۵	امین سرخه حصار
۳۹۵	ایران ۱۸ ک ۷۸۹ – ۱۷	۱۳۳۴۴۵۵۶۶	NAAB-۴۴۴۵۵۵۶۶۶	امین سرخه حصار
۳۹۶	ایران ۲۸ گ ۸۹۰ – ۲۸	۱۴۴۵۵۶۶۷۷	NAPK۵۵۵۶۶۶۷۷۷	امین سرخه حصار
۳۹۷	ایران ۳۸ ل ۹۰۱ – ۳۹	۱۵۵۶۶۷۷۸۸	NASA۶۶۶۷۷۷۸۸۸	امین سرخه حصار
